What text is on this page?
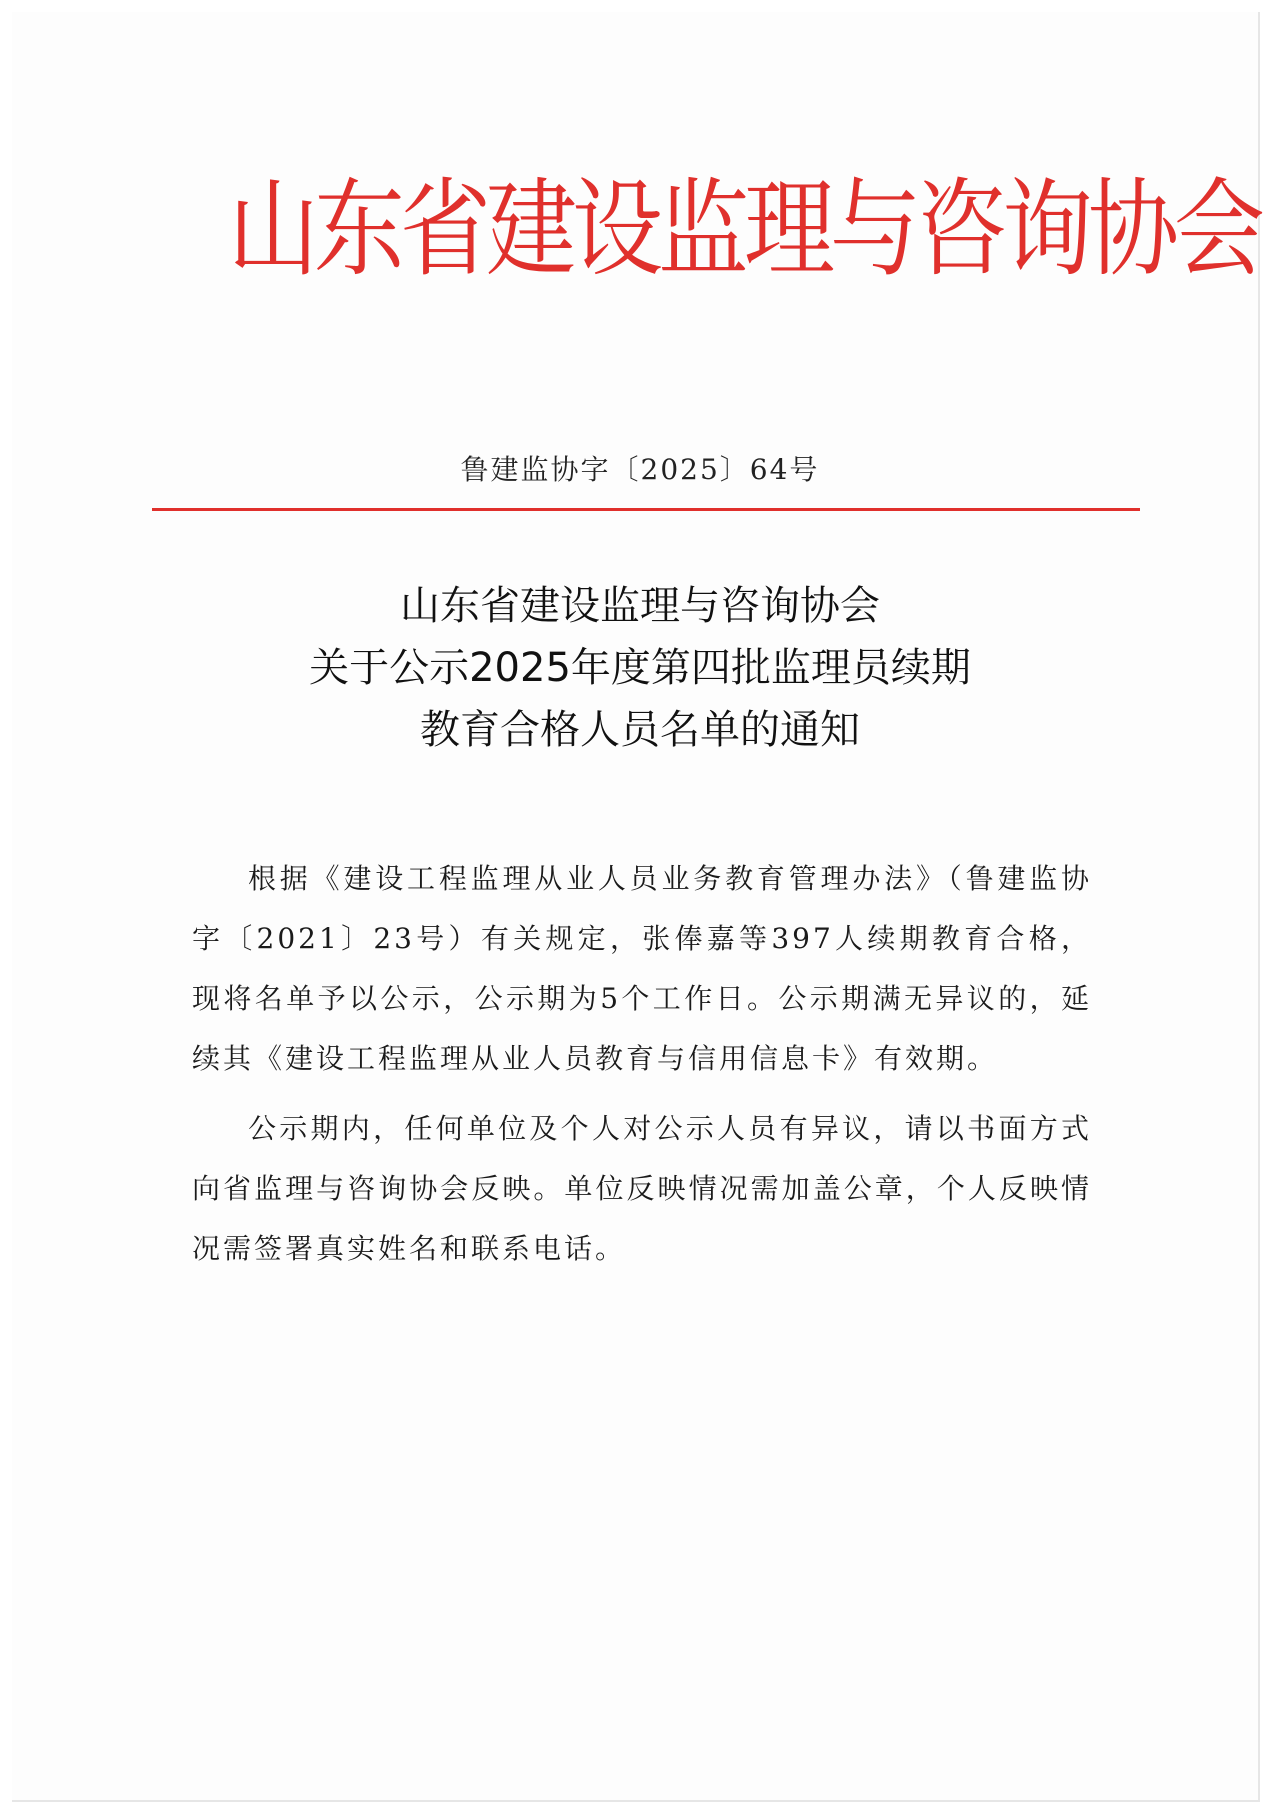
山东省建设监理与咨询协会
鲁建监协字〔2025〕64号
山东省建设监理与咨询协会
关于公示2025年度第四批监理员续期
教育合格人员名单的通知

根据《建设工程监理从业人员业务教育管理办法》（鲁建监协字〔2021〕23号）有关规定，张俸嘉等397人续期教育合格，现将名单予以公示，公示期为5个工作日。公示期满无异议的，延续其《建设工程监理从业人员教育与信用信息卡》有效期。

公示期内，任何单位及个人对公示人员有异议，请以书面方式向省监理与咨询协会反映。单位反映情况需加盖公章，个人反映情况需签署真实姓名和联系电话。
